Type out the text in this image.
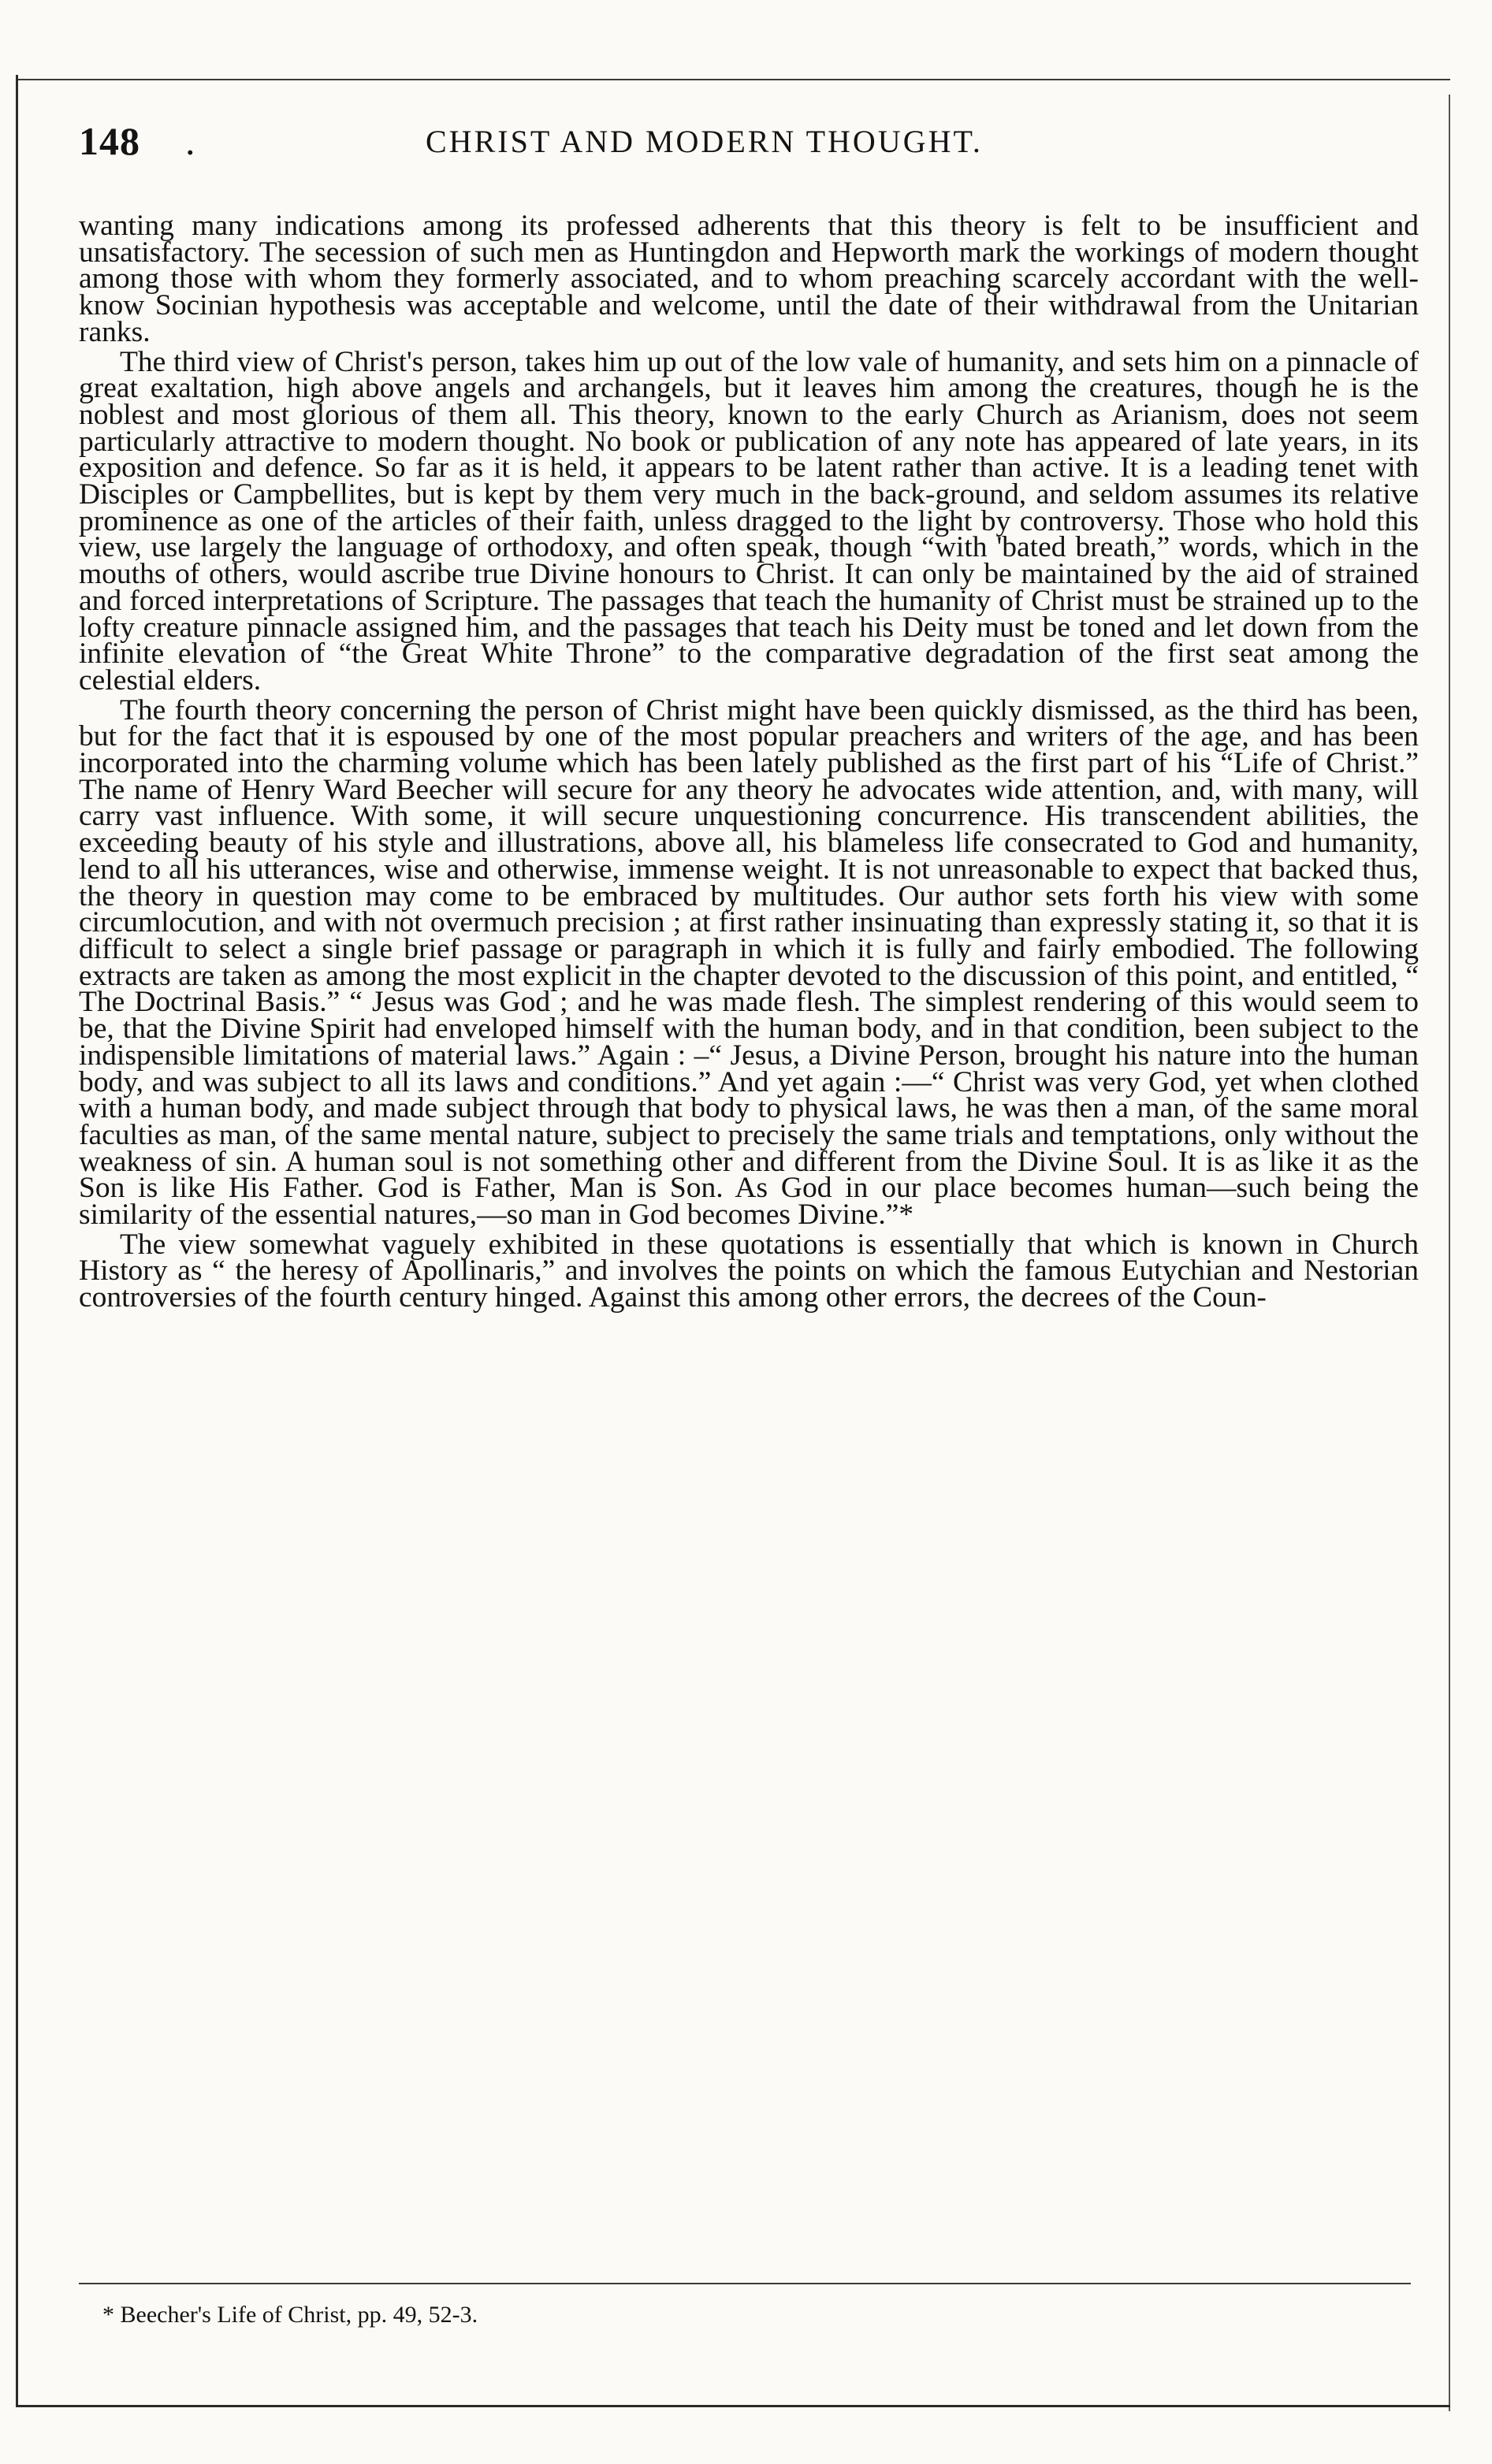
148 .	CHRIST AND MODERN THOUGHT.

wanting many indications among its professed adherents that this theory is felt to be insufficient and unsatisfactory. The secession of such men as Huntingdon and Hepworth mark the workings of modern thought among those with whom they formerly associated, and to whom preaching scarcely accordant with the well-know Socinian hypothesis was acceptable and welcome, until the date of their withdrawal from the Unitarian ranks.

The third view of Christ's person, takes him up out of the low vale of humanity, and sets him on a pinnacle of great exaltation, high above angels and archangels, but it leaves him among the creatures, though he is the noblest and most glorious of them all. This theory, known to the early Church as Arianism, does not seem particularly attractive to modern thought. No book or publication of any note has appeared of late years, in its exposition and defence. So far as it is held, it appears to be latent rather than active. It is a leading tenet with Disciples or Campbellites, but is kept by them very much in the back-ground, and seldom assumes its relative prominence as one of the articles of their faith, unless dragged to the light by controversy. Those who hold this view, use largely the language of orthodoxy, and often speak, though “with 'bated breath,” words, which in the mouths of others, would ascribe true Divine honours to Christ. It can only be maintained by the aid of strained and forced interpretations of Scripture. The passages that teach the humanity of Christ must be strained up to the lofty creature pinnacle assigned him, and the passages that teach his Deity must be toned and let down from the infinite elevation of “the Great White Throne” to the comparative degradation of the first seat among the celestial elders.

The fourth theory concerning the person of Christ might have been quickly dismissed, as the third has been, but for the fact that it is espoused by one of the most popular preachers and writers of the age, and has been incorporated into the charming volume which has been lately published as the first part of his “Life of Christ.” The name of Henry Ward Beecher will secure for any theory he advocates wide attention, and, with many, will carry vast influence. With some, it will secure unquestioning concurrence. His transcendent abilities, the exceeding beauty of his style and illustrations, above all, his blameless life consecrated to God and humanity, lend to all his utterances, wise and otherwise, immense weight. It is not unreasonable to expect that backed thus, the theory in question may come to be embraced by multitudes. Our author sets forth his view with some circumlocution, and with not overmuch precision ; at first rather insinuating than expressly stating it, so that it is difficult to select a single brief passage or paragraph in which it is fully and fairly embodied. The following extracts are taken as among the most explicit in the chapter devoted to the discussion of this point, and entitled, “ The Doctrinal Basis.” “ Jesus was God ; and he was made flesh. The simplest rendering of this would seem to be, that the Divine Spirit had enveloped himself with the human body, and in that condition, been subject to the indispensible limitations of material laws.” Again : –“ Jesus, a Divine Person, brought his nature into the human body, and was subject to all its laws and conditions.” And yet again :—“ Christ was very God, yet when clothed with a human body, and made subject through that body to physical laws, he was then a man, of the same moral faculties as man, of the same mental nature, subject to precisely the same trials and temptations, only without the weakness of sin. A human soul is not something other and different from the Divine Soul. It is as like it as the Son is like His Father. God is Father, Man is Son. As God in our place becomes human—such being the similarity of the essential natures,—so man in God becomes Divine.”*

The view somewhat vaguely exhibited in these quotations is essentially that which is known in Church History as “ the heresy of Apollinaris,” and involves the points on which the famous Eutychian and Nestorian controversies of the fourth century hinged. Against this among other errors, the decrees of the Coun-

* Beecher's Life of Christ, pp. 49, 52-3.
